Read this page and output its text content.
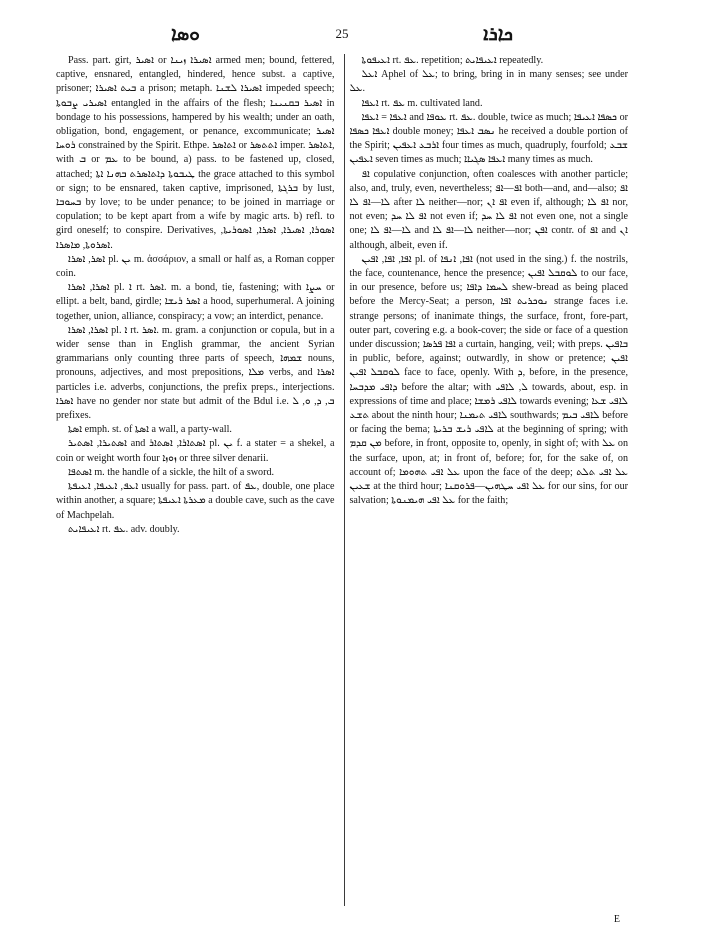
ܘܣܐ	25	ܟܐܪܐ

Pass. part. girt, ܐܣܝܪ or ܐܣܝܪܐ ܙܝܢܐ armed men; bound, fettered, captive, ensnared, entangled, hindered, hence subst. a captive, prisoner; ܒܝܬ ܐܣܝܪܐ a prison; metaph. ܐܣܝܪܐ ܠܫܢܐ impeded speech; ܐܣܝܪܝ ܨܒܘܬܐ entangled in the affairs of the flesh; ܐܣܝܪ ܒܩܢܝܢܐ in bondage to his possessions, hampered by his wealth; under an oath, obligation, bond, engagement, or penance, excommunicate; ܐܣܝܪ ܪܘܚܐ constrained by the Spirit. Ethpe. ܐܬܐܣܪ or ܐܬܬܣܪ imper. ܐܬܐܣܪ, with ܒ or ܥܡ to be bound, a) pass. to be fastened up, closed, attached; ܛܝܒܘܬܐ ܕܐܬܐܣܪܬ ܒܗܢܐ ܐܬܐ the grace attached to this symbol or sign; to be ensnared, taken captive, imprisoned, ܒܪܓܬܐ by lust, ܒܚܘܒܐ by love; to be under penance; to be joined in marriage or copulation; to be kept apart from a wife by magic arts. b) refl. to gird oneself; to conspire. Derivatives, ܐܣܘܪܐ, ܐܣܝܪܐ, ܐܣܪܐ, ܐܣܘܪܝܬܐ, ܐܣܪܘܬܐ, ܡܐܣܪܐ.

ܐܣܪ, ܐܣܪܐ pl. ܝܢ m. ἀσσάριον, a small or half as, a Roman copper coin.

ܐܣܪܐ, ܐܣܪܐ pl. ܐ rt. ܐܣܪ. m. a bond, tie, fastening; with ܚܨܐ or ellipt. a belt, band, girdle; ܐܣܪ ܪܝܫܐ a hood, superhumeral. A joining together, union, alliance, conspiracy; a vow; an interdict, penance.

ܐܣܪܐ, ܐܣܪܐ pl. ܐ rt. ܐܣܪ. m. gram. a conjunction or copula, but in a wider sense than in English grammar, the ancient Syrian grammarians only counting three parts of speech, ܫܡܗܐ nouns, pronouns, adjectives, and most prepositions, ܡܠܐ verbs, and ܐܣܪܐ particles i.e. adverbs, conjunctions, the prefix preps., interjections. ܐܣܪܐ have no gender nor state but admit of the Bdul i.e. ܒ, ܕ, ܘ, ܠ prefixes.

ܐܣܬܐ emph. st. of ܐܣܬܐ a wall, a party-wall.

ܐܣܬܝܪܐ, ܐܣܬܝܪ and ܐܣܬܐܪܐ, ܐܣܬܐܪ pl. ܝܢ f. a stater = a shekel, a coin or weight worth four ܙܘܙܐ or three silver denarii.

ܐܣܬܦܐ m. the handle of a sickle, the hilt of a sword.

ܐܥܦ, ܐܥܝܦܐ, ܐܥܝܦܬܐ usually for pass. part. of ܥܦ, double, one place within another, a square; ܡܥܪܬܐ ܐܥܝܦܬܐ a double cave, such as the cave of Machpelah.

ܐܥܝܦܐܝܬ rt. ܥܦ. adv. doubly.

ܐܥܝܦܘܬܐ rt. ܥܦ. repetition; ܐܥܝܦܐܝܬ repeatedly.

ܐܥܠ Aphel of ܥܠ; to bring, bring in in many senses; see under ܥܠ.

ܐܥܦܐ rt. ܥܦ m. cultivated land.

ܐܥܦܐ = ܐܥܦܐ and ܥܘܦܐ rt. ܥܦ. double, twice as much; ܟܣܦܐ ܐܥܝܦܐ or ܐܥܦܐ ܟܣܦܐ double money; ܢܣܒ ܐܥܦܐ he received a double portion of the Spirit; ܐܪܒܥ ܐܥܦܝܢ four times as much, quadruply, fourfold; ܫܒܥ ܐܥܦܝܢ seven times as much; ܐܥܦܐ ܣܓܝܐܐ many times as much.

ܐܦ copulative conjunction, often coalesces with another particle; also, and, truly, even, nevertheless; ܐܦ—ܐܦ both—and, and—also; ܐܦ ܠܐ—ܐܦ ܠܐ after ܠܐ neither—nor; ܐܦ ܐܢ even if, although; ܐܦ ܠܐ nor, not even; ܐܦ ܠܐ ܚܕ not even if; ܐܦ ܠܐ ܚܕ not even one, not a single one; ܠܐ—ܐܦ ܠܐ and ܠܐ—ܐܦ ܠܐ neither—nor; ܐܦܢ contr. of ܐܦ and ܐܢ although, albeit, even if.

ܐܦܐ, ܐܦܐ, ܐܦܝܢ pl. of ܐܦܐ, ܐܢܦܐ (not used in the sing.) f. the nostrils, the face, countenance, hence the presence; ܠܘܩܒܠ ܐܦܝܢ to our face, in our presence, before us; ܠܚܡܐ ܕܐܦܐ shew-bread as being placed before the Mercy-Seat; a person, ܢܘܟܪܝܬ ܐܦܐ strange faces i.e. strange persons; of inanimate things, the surface, front, fore-part, outer part, covering e.g. a book-cover; the side or face of a question under discussion; ܐܦܐ ܦܪܣܐ a curtain, hanging, veil; with preps. ܒܐܦܝܢ in public, before, against; outwardly, in show or pretence; ܐܦܝܢ ܠܘܩܒܠ ܐܦܝܢ face to face, openly. With ܕ, before, in the presence, ܕܐܦܝ ܡܕܒܚܐ before the altar; with ܠ, ܠܐܦܝ towards, about, esp. in expressions of time and place; ܠܐܦܝ ܪܡܫܐ towards evening; ܠܐܦܝ ܫܥܐ ܬܫܥ about the ninth hour; ܠܐܦܝ ܬܝܡܢܐ southwards; ܠܐܦܝ ܒܝܡ before or facing the bema; ܠܐܦܝ ܪܝܫ ܒܪܝܬܐ at the beginning of spring; with ܡܢ ܩܕܡ before, in front, opposite to, openly, in sight of; with ܥܠ on the surface, upon, at; in front of, before; for, for the sake of, on account of; ܥܠ ܐܦܝ ܬܗܘܡܐ upon the face of the deep; ܥܠ ܐܦܝ ܬܠܬ ܫܥܝܢ at the third hour; ܥܠ ܐܦܝ ܚܛܗܝܢ—ܦܪܘܩܢܐ for our sins, for our salvation; ܥܠ ܐܦܝ ܗܝܡܢܘܬܐ for the faith;

E
